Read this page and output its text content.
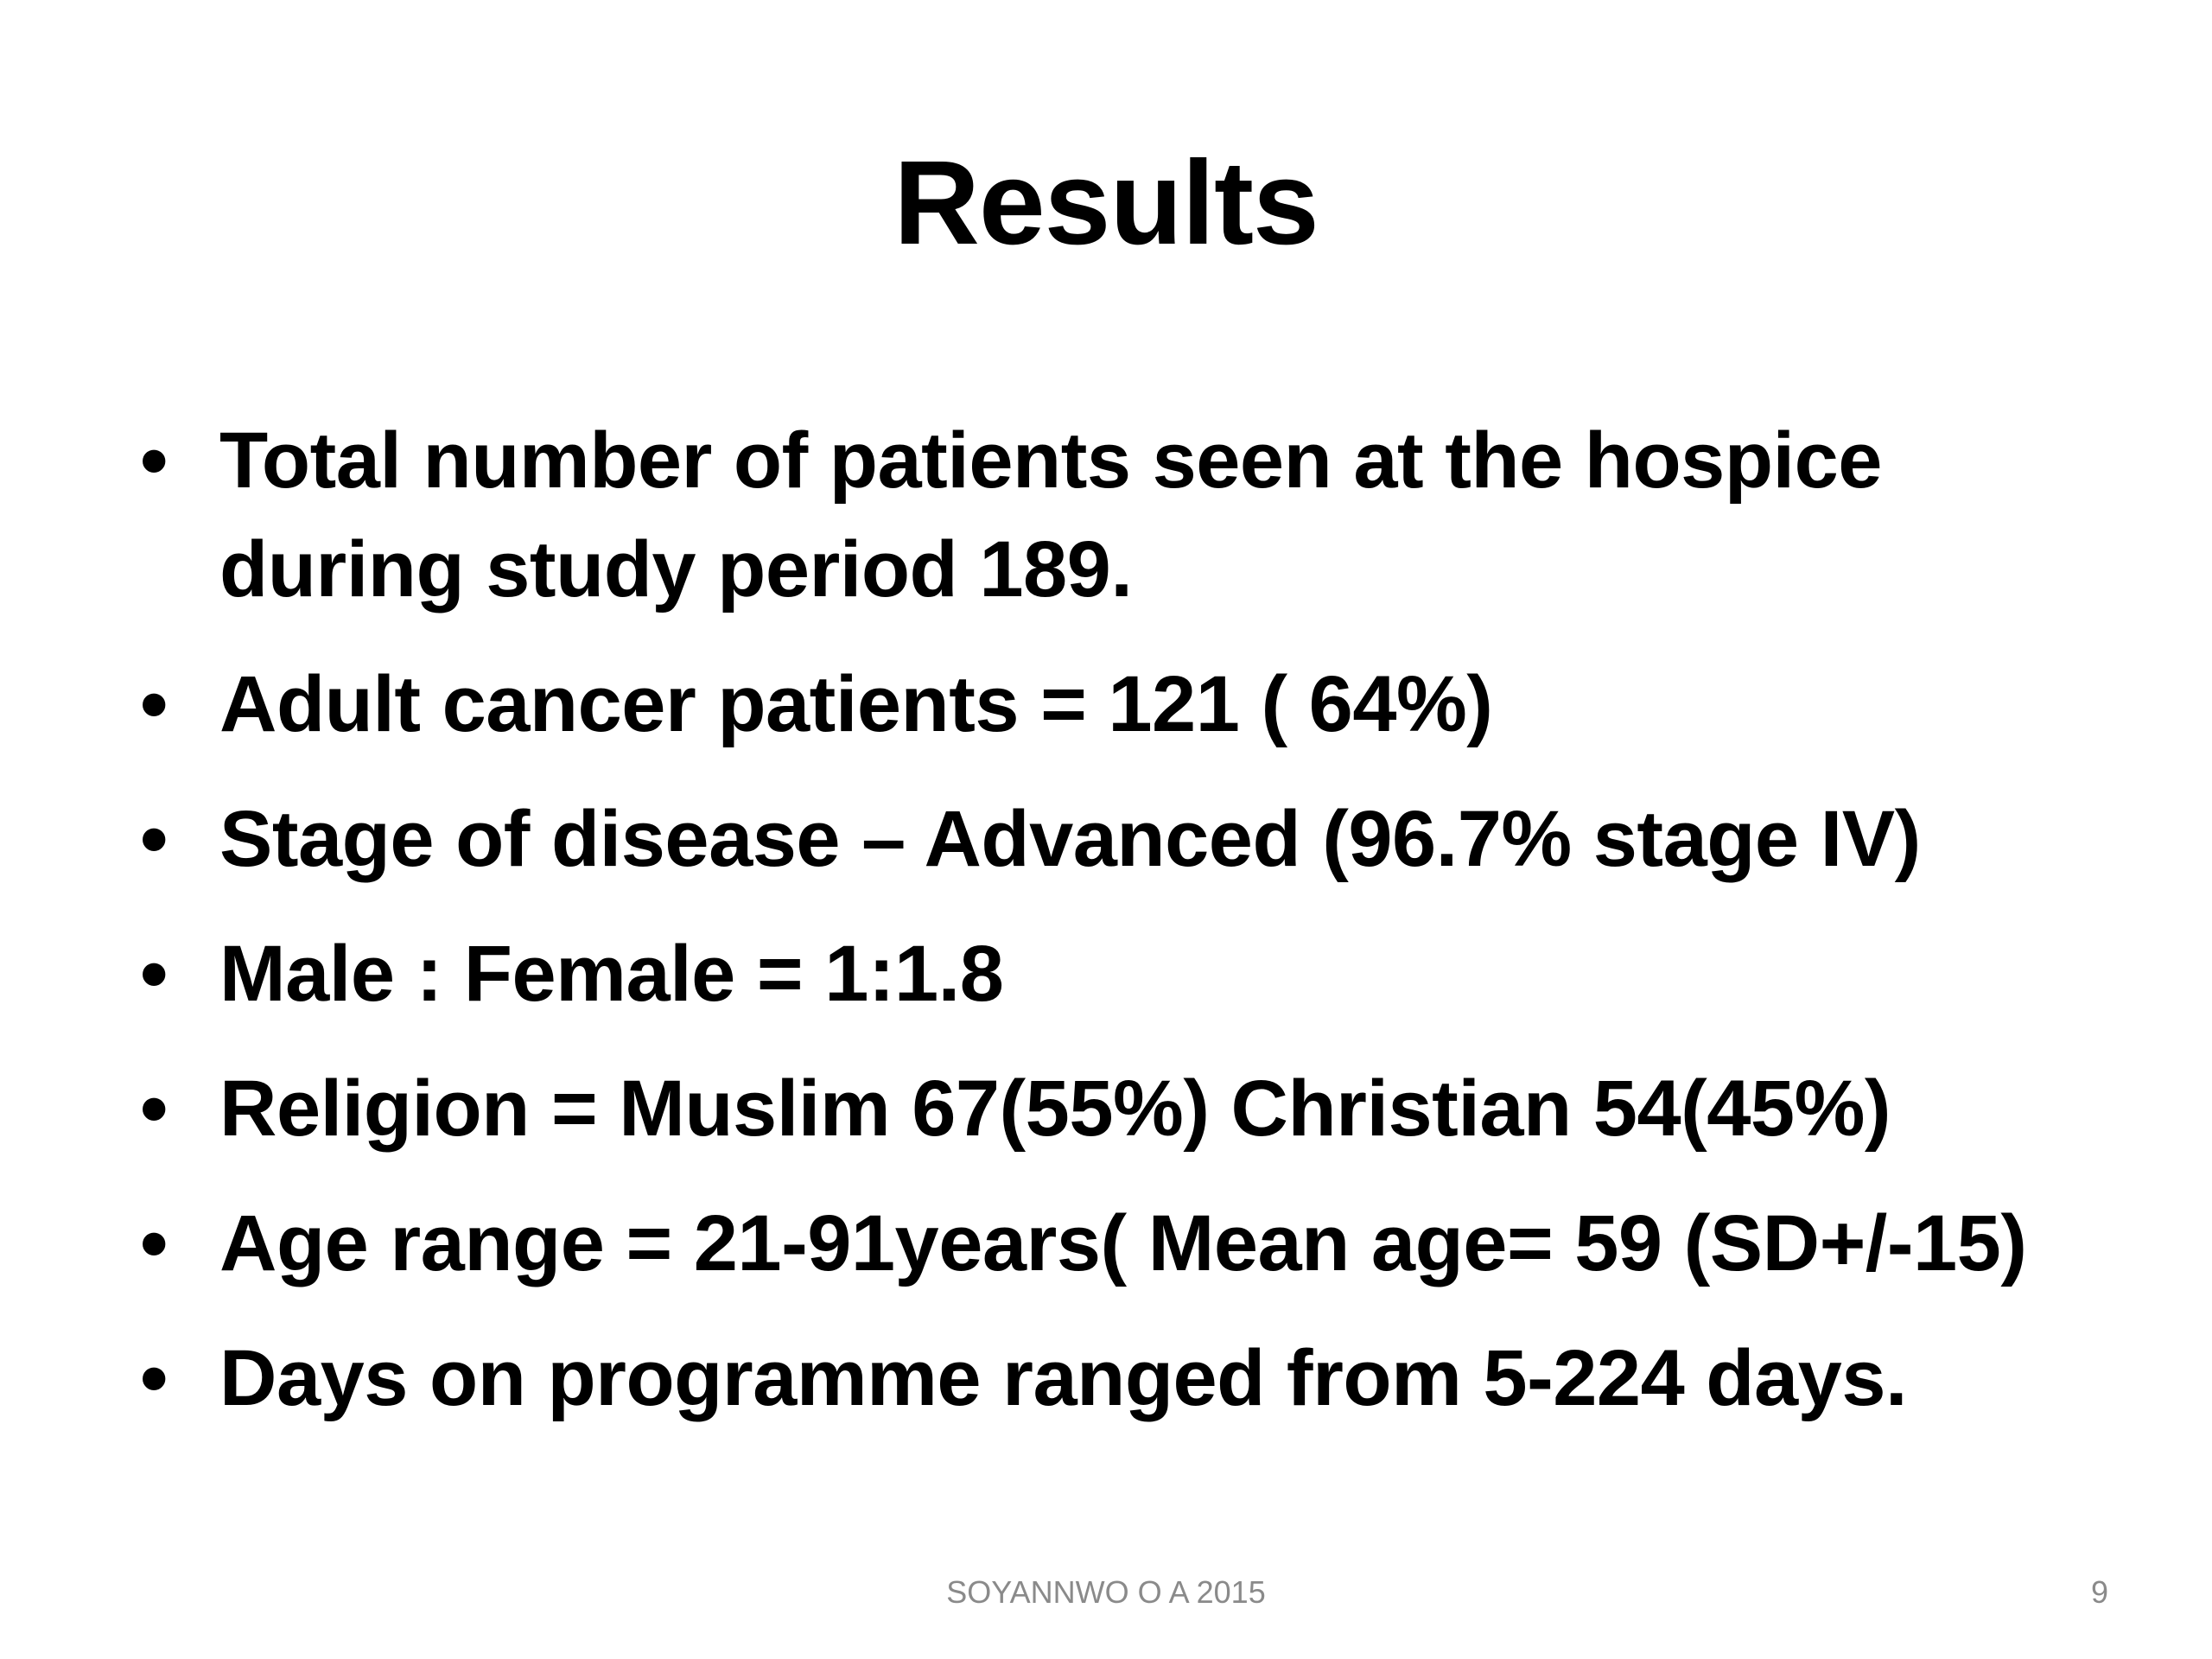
Results
• Total number of patients seen at the hospice during study period 189.
• Adult cancer patients = 121 ( 64%)
• Stage of disease – Advanced (96.7% stage IV)
• Male : Female = 1:1.8
• Religion = Muslim 67(55%) Christian 54(45%)
• Age range = 21-91years( Mean age= 59 (SD+/-15)
• Days on programme ranged from 5-224 days.
SOYANNWO O A 2015	9
